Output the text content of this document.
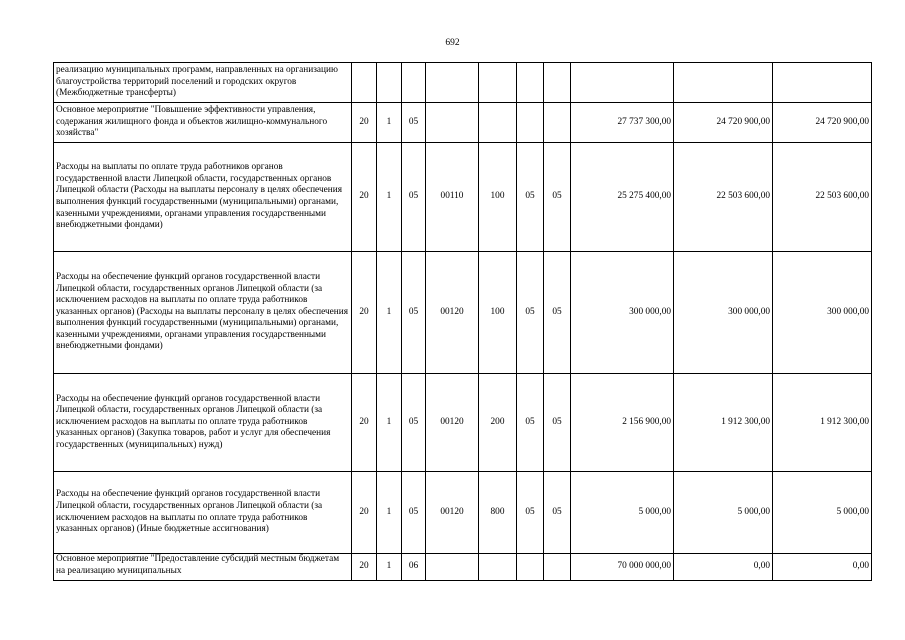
692
реализацию муниципальных программ, направленных на организацию благоустройства территорий поселений и городских округов (Межбюджетные трансферты)										
Основное мероприятие "Повышение эффективности управления, содержания жилищного фонда и объектов жилищно-коммунального хозяйства"	20	1	05					27 737 300,00	24 720 900,00	24 720 900,00
Расходы на выплаты по оплате труда работников органов государственной власти Липецкой области, государственных органов Липецкой области (Расходы на выплаты персоналу в целях обеспечения выполнения функций государственными (муниципальными) органами, казенными учреждениями, органами управления государственными внебюджетными фондами)	20	1	05	00110	100	05	05	25 275 400,00	22 503 600,00	22 503 600,00
Расходы на обеспечение функций органов государственной власти Липецкой области, государственных органов Липецкой области (за исключением расходов на выплаты по оплате труда работников указанных органов) (Расходы на выплаты персоналу в целях обеспечения выполнения функций государственными (муниципальными) органами, казенными учреждениями, органами управления государственными внебюджетными фондами)	20	1	05	00120	100	05	05	300 000,00	300 000,00	300 000,00
Расходы на обеспечение функций органов государственной власти Липецкой области, государственных органов Липецкой области (за исключением расходов на выплаты по оплате труда работников указанных органов) (Закупка товаров, работ и услуг для обеспечения государственных (муниципальных) нужд)	20	1	05	00120	200	05	05	2 156 900,00	1 912 300,00	1 912 300,00
Расходы на обеспечение функций органов государственной власти Липецкой области, государственных органов Липецкой области (за исключением расходов на выплаты по оплате труда работников указанных органов) (Иные бюджетные ассигнования)	20	1	05	00120	800	05	05	5 000,00	5 000,00	5 000,00
Основное мероприятие "Предоставление субсидий местным бюджетам на реализацию муниципальных	20	1	06					70 000 000,00	0,00	0,00
